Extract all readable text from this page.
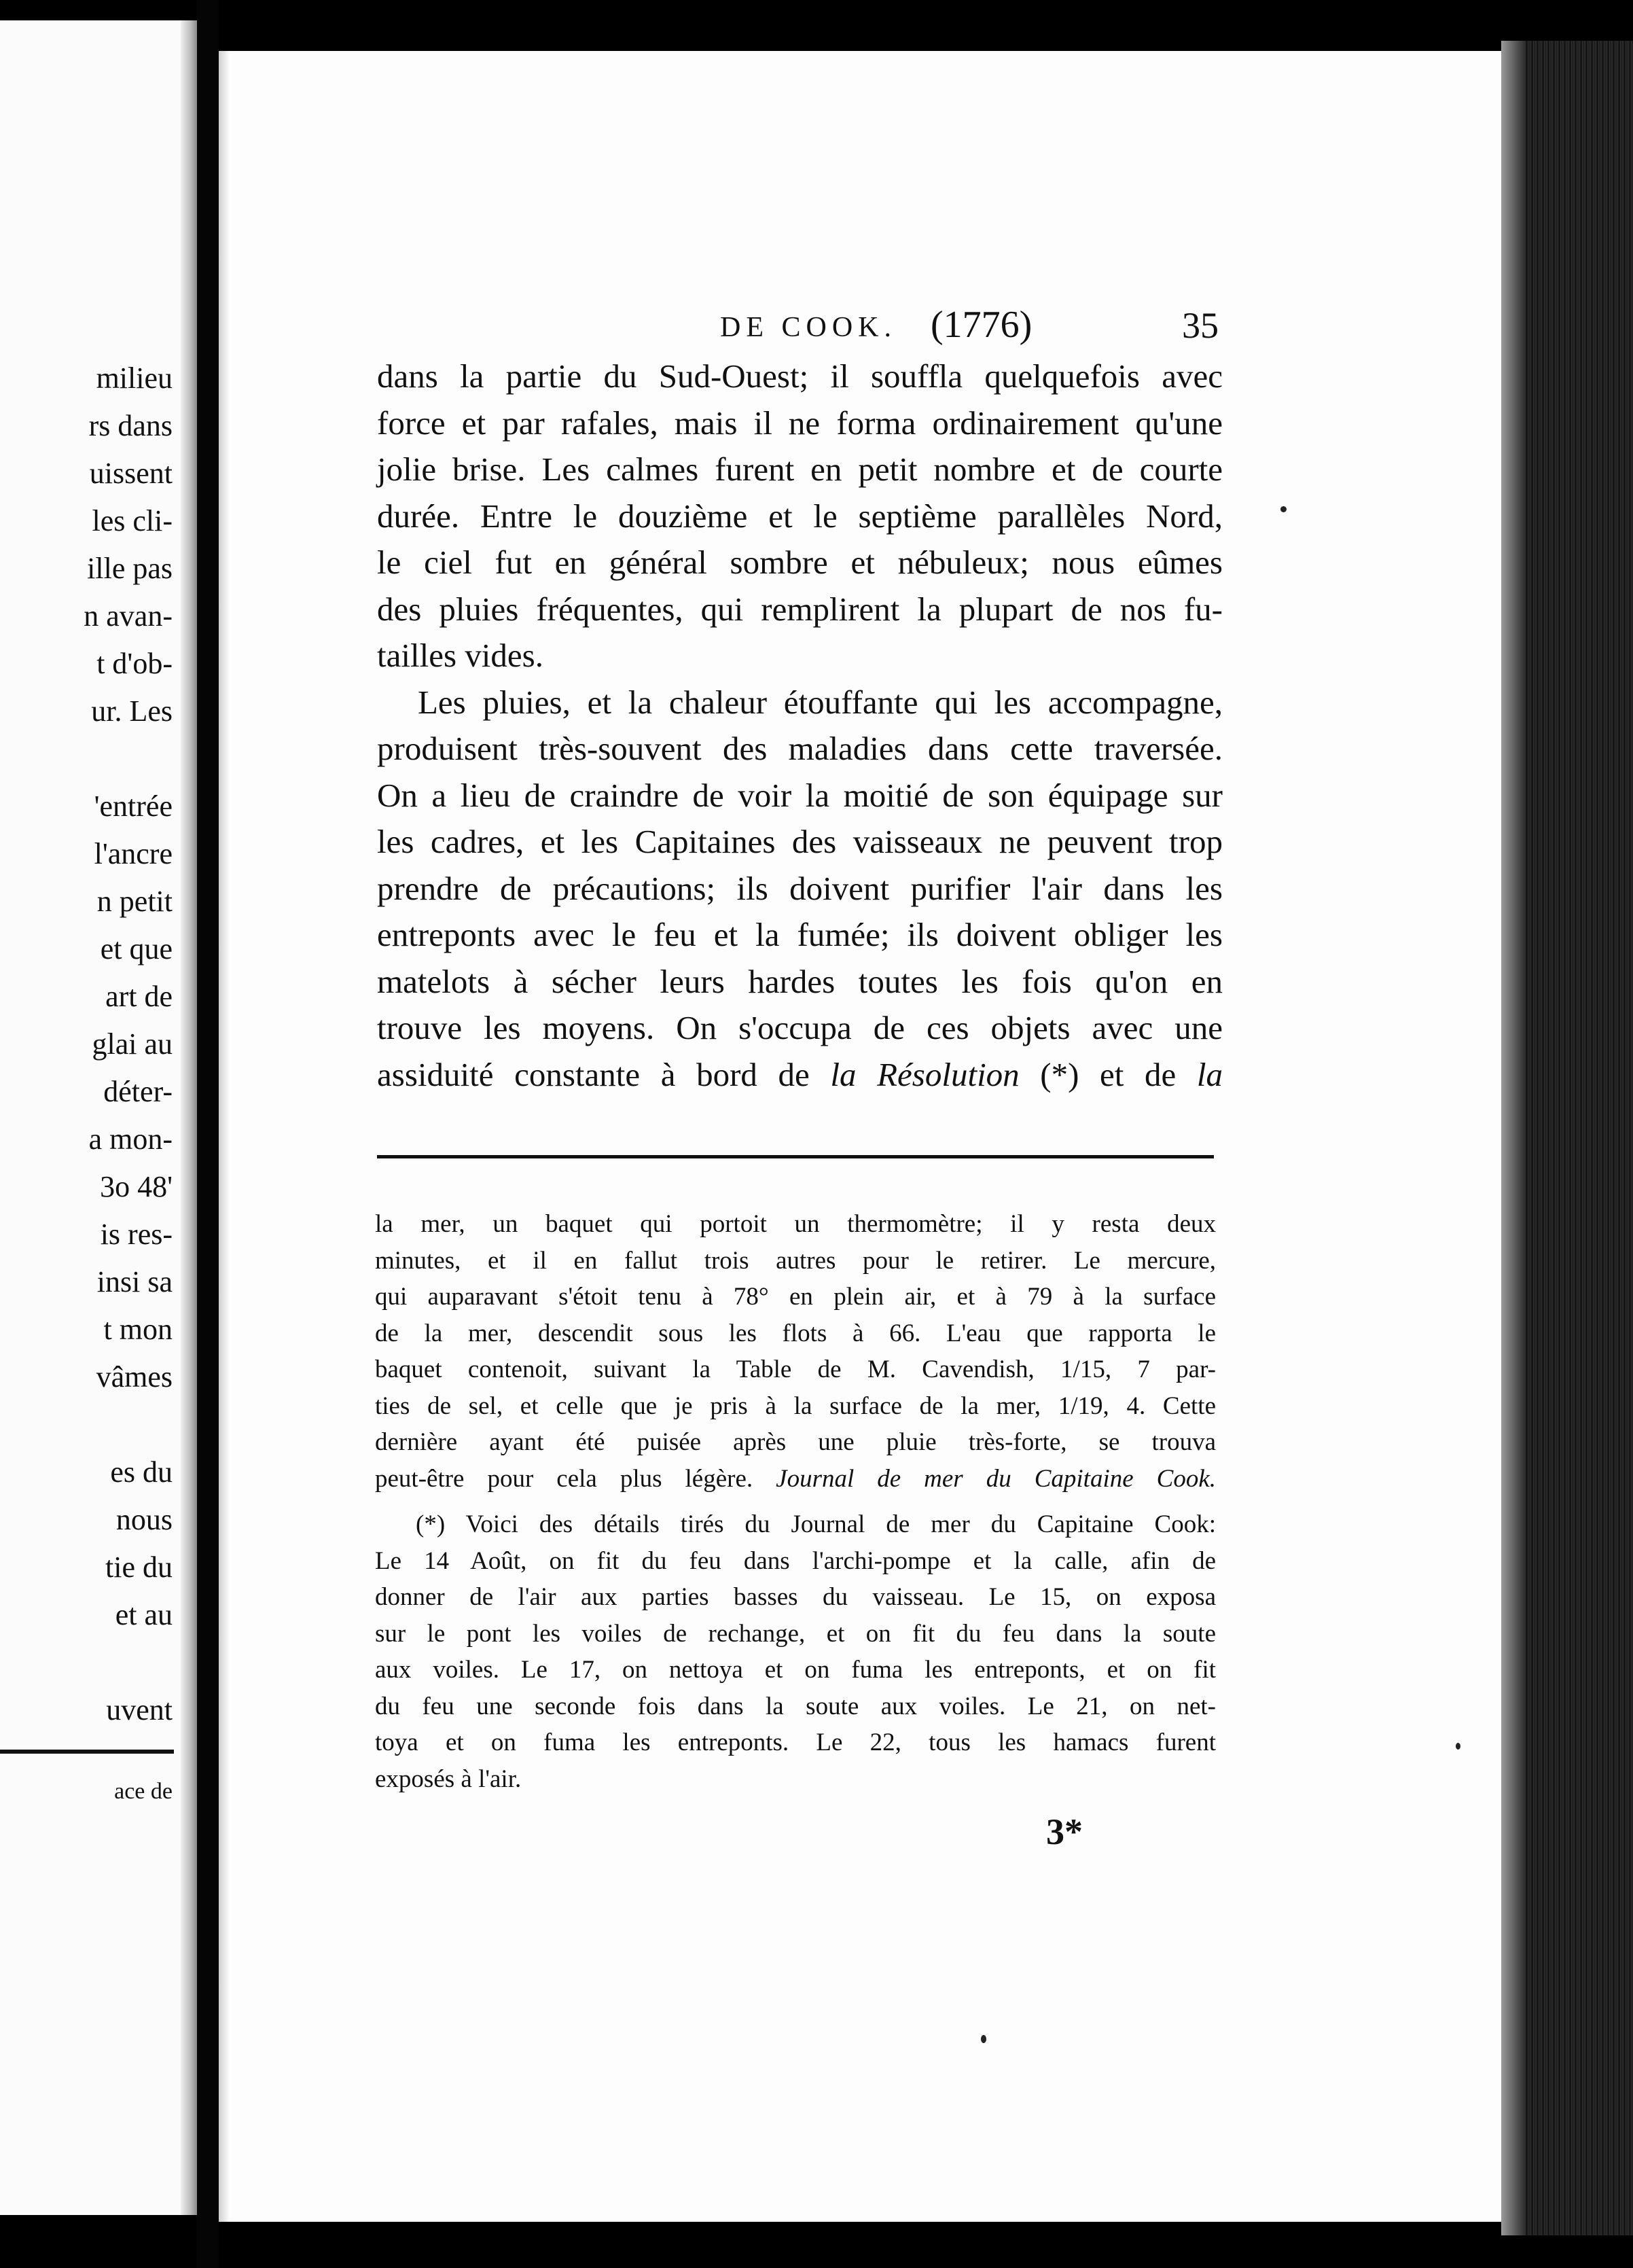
milieu
rs dans
uissent
les cli-
ille pas
n avan-
t d'ob-
ur. Les
'entrée
l'ancre
n petit
et que
art de
glai au
déter-
a mon-
3o 48'
is res-
insi sa
t mon
vâmes
es du
nous
tie du
et au
uvent
ace de
DE COOK. (1776)	35
dans la partie du Sud-Ouest; il souffla quelquefois avec
force et par rafales, mais il ne forma ordinairement qu'une
jolie brise. Les calmes furent en petit nombre et de courte
durée. Entre le douzième et le septième parallèles Nord,
le ciel fut en général sombre et nébuleux; nous eûmes
des pluies fréquentes, qui remplirent la plupart de nos fu-
tailles vides.
Les pluies, et la chaleur étouffante qui les accompagne,
produisent très-souvent des maladies dans cette traversée.
On a lieu de craindre de voir la moitié de son équipage sur
les cadres, et les Capitaines des vaisseaux ne peuvent trop
prendre de précautions; ils doivent purifier l'air dans les
entreponts avec le feu et la fumée; ils doivent obliger les
matelots à sécher leurs hardes toutes les fois qu'on en
trouve les moyens. On s'occupa de ces objets avec une
assiduité constante à bord de la Résolution (*) et de la
la mer, un baquet qui portoit un thermomètre; il y resta deux
minutes, et il en fallut trois autres pour le retirer. Le mercure,
qui auparavant s'étoit tenu à 78° en plein air, et à 79 à la surface
de la mer, descendit sous les flots à 66. L'eau que rapporta le
baquet contenoit, suivant la Table de M. Cavendish, 1/15, 7 par-
ties de sel, et celle que je pris à la surface de la mer, 1/19, 4. Cette
dernière ayant été puisée après une pluie très-forte, se trouva
peut-être pour cela plus légère. Journal de mer du Capitaine Cook.
(*) Voici des détails tirés du Journal de mer du Capitaine Cook:
Le 14 Août, on fit du feu dans l'archi-pompe et la calle, afin de
donner de l'air aux parties basses du vaisseau. Le 15, on exposa
sur le pont les voiles de rechange, et on fit du feu dans la soute
aux voiles. Le 17, on nettoya et on fuma les entreponts, et on fit
du feu une seconde fois dans la soute aux voiles. Le 21, on net-
toya et on fuma les entreponts. Le 22, tous les hamacs furent
exposés à l'air.
3*
